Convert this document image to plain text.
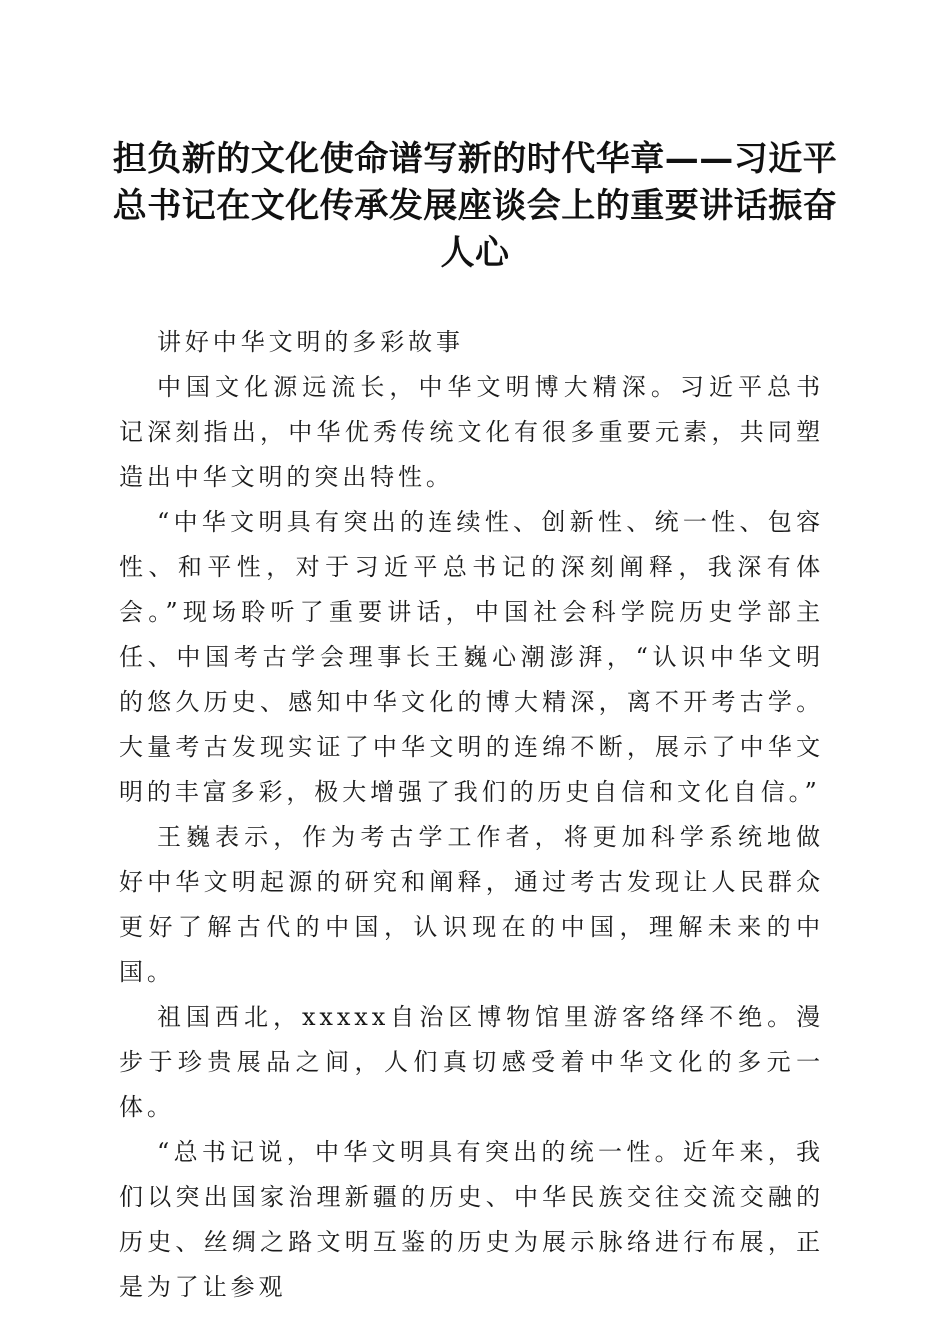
担负新的文化使命谱写新的时代华章——习近平总书记在文化传承发展座谈会上的重要讲话振奋人心

讲好中华文明的多彩故事

中国文化源远流长，中华文明博大精深。习近平总书记深刻指出，中华优秀传统文化有很多重要元素，共同塑造出中华文明的突出特性。

“中华文明具有突出的连续性、创新性、统一性、包容性、和平性，对于习近平总书记的深刻阐释，我深有体会。”现场聆听了重要讲话，中国社会科学院历史学部主任、中国考古学会理事长王巍心潮澎湃，“认识中华文明的悠久历史、感知中华文化的博大精深，离不开考古学。大量考古发现实证了中华文明的连绵不断，展示了中华文明的丰富多彩，极大增强了我们的历史自信和文化自信。”

王巍表示，作为考古学工作者，将更加科学系统地做好中华文明起源的研究和阐释，通过考古发现让人民群众更好了解古代的中国，认识现在的中国，理解未来的中国。

祖国西北，xxxxx自治区博物馆里游客络绎不绝。漫步于珍贵展品之间，人们真切感受着中华文化的多元一体。

“总书记说，中华文明具有突出的统一性。近年来，我们以突出国家治理新疆的历史、中华民族交往交流交融的历史、丝绸之路文明互鉴的历史为展示脉络进行布展，正是为了让参观
